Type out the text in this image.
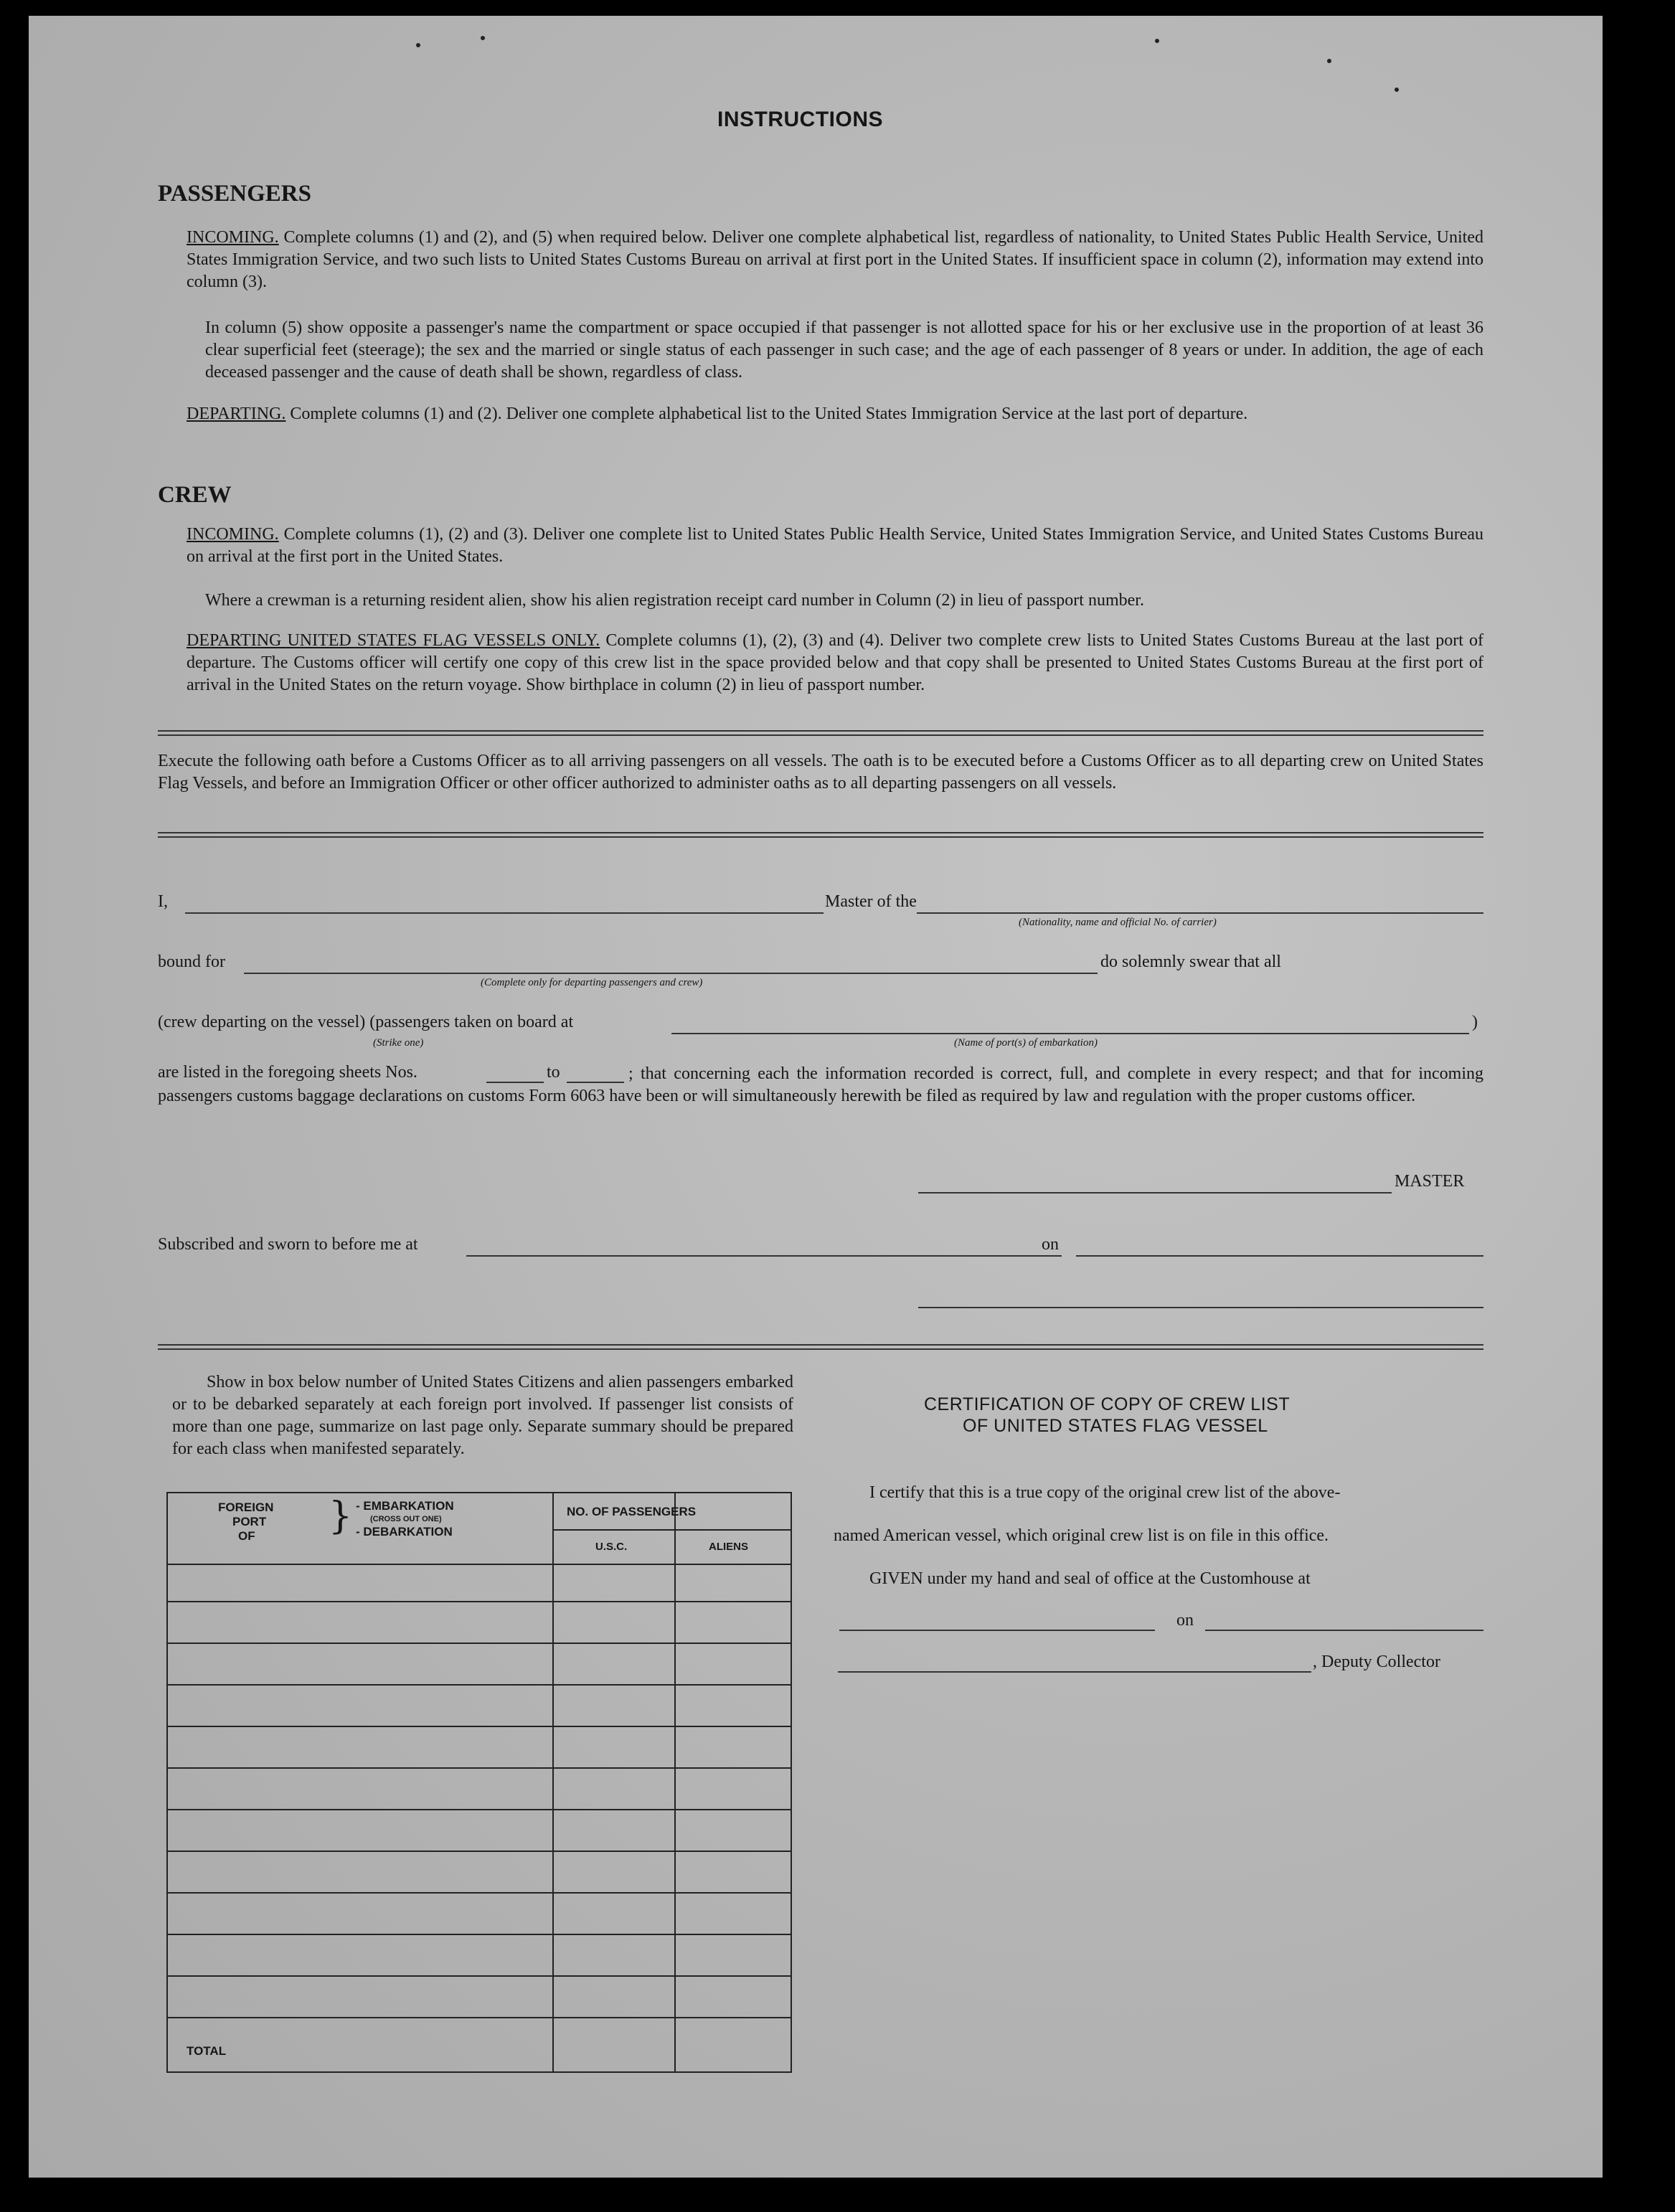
INSTRUCTIONS
PASSENGERS
INCOMING. Complete columns (1) and (2), and (5) when required below. Deliver one complete alphabetical list, regardless of nationality, to United States Public Health Service, United States Immigration Service, and two such lists to United States Customs Bureau on arrival at first port in the United States. If insufficient space in column (2), information may extend into column (3).
In column (5) show opposite a passenger's name the compartment or space occupied if that passenger is not allotted space for his or her exclusive use in the proportion of at least 36 clear superficial feet (steerage); the sex and the married or single status of each passenger in such case; and the age of each passenger of 8 years or under. In addition, the age of each deceased passenger and the cause of death shall be shown, regardless of class.
DEPARTING. Complete columns (1) and (2). Deliver one complete alphabetical list to the United States Immigration Service at the last port of departure.
CREW
INCOMING. Complete columns (1), (2) and (3). Deliver one complete list to United States Public Health Service, United States Immigration Service, and United States Customs Bureau on arrival at the first port in the United States.
Where a crewman is a returning resident alien, show his alien registration receipt card number in Column (2) in lieu of passport number.
DEPARTING UNITED STATES FLAG VESSELS ONLY. Complete columns (1), (2), (3) and (4). Deliver two complete crew lists to United States Customs Bureau at the last port of departure. The Customs officer will certify one copy of this crew list in the space provided below and that copy shall be presented to United States Customs Bureau at the first port of arrival in the United States on the return voyage. Show birthplace in column (2) in lieu of passport number.
Execute the following oath before a Customs Officer as to all arriving passengers on all vessels. The oath is to be executed before a Customs Officer as to all departing crew on United States Flag Vessels, and before an Immigration Officer or other officer authorized to administer oaths as to all departing passengers on all vessels.
I,	Master of the
(Nationality, name and official No. of carrier)
bound for
(Complete only for departing passengers and crew)
do solemnly swear that all
(crew departing on the vessel) (passengers taken on board at
(Strike one)	(Name of port(s) of embarkation)
)
are listed in the foregoing sheets Nos.	to	; that concerning each the information recorded is correct, full, and complete in every respect; and that for incoming passengers customs baggage declarations on customs Form 6063 have been or will simultaneously herewith be filed as required by law and regulation with the proper customs officer.
MASTER
Subscribed and sworn to before me at	on
Show in box below number of United States Citizens and alien passengers embarked or to be debarked separately at each foreign port involved. If passenger list consists of more than one page, summarize on last page only. Separate summary should be prepared for each class when manifested separately.
FOREIGN
PORT
OF } - EMBARKATION
(CROSS OUT ONE)
- DEBARKATION
NO. OF PASSENGERS
U.S.C.	ALIENS
TOTAL
CERTIFICATION OF COPY OF CREW LIST
OF UNITED STATES FLAG VESSEL
I certify that this is a true copy of the original crew list of the above-
named American vessel, which original crew list is on file in this office.
GIVEN under my hand and seal of office at the Customhouse at
on
, Deputy Collector
